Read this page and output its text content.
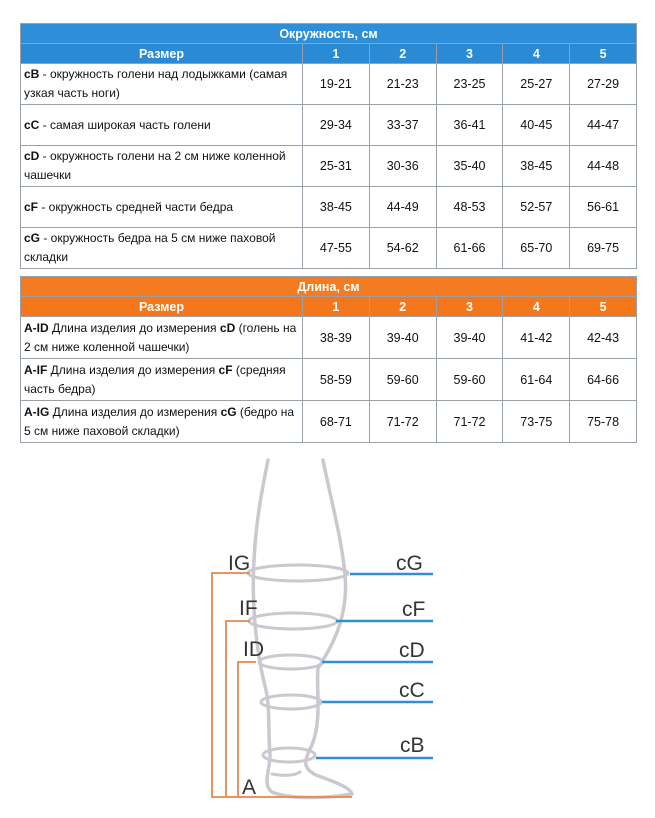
Окружность, см					
Размер	1	2	3	4	5
cB - окружность голени над лодыжками (самая узкая часть ноги)	19-21	21-23	23-25	25-27	27-29
cC - самая широкая часть голени	29-34	33-37	36-41	40-45	44-47
cD - окружность голени на 2 см ниже коленной чашечки	25-31	30-36	35-40	38-45	44-48
cF - окружность средней части бедра	38-45	44-49	48-53	52-57	56-61
cG - окружность бедра на 5 см ниже паховой складки	47-55	54-62	61-66	65-70	69-75
Длина, см					
Размер	1	2	3	4	5
A-ID Длина изделия до измерения cD (голень на 2 см ниже коленной чашечки)	38-39	39-40	39-40	41-42	42-43
A-IF Длина изделия до измерения cF (средняя часть бедра)	58-59	59-60	59-60	61-64	64-66
A-IG Длина изделия до измерения cG (бедро на 5 см ниже паховой складки)	68-71	71-72	71-72	73-75	75-78
IG
IF
ID
A
cG
cF
cD
cC
cB
